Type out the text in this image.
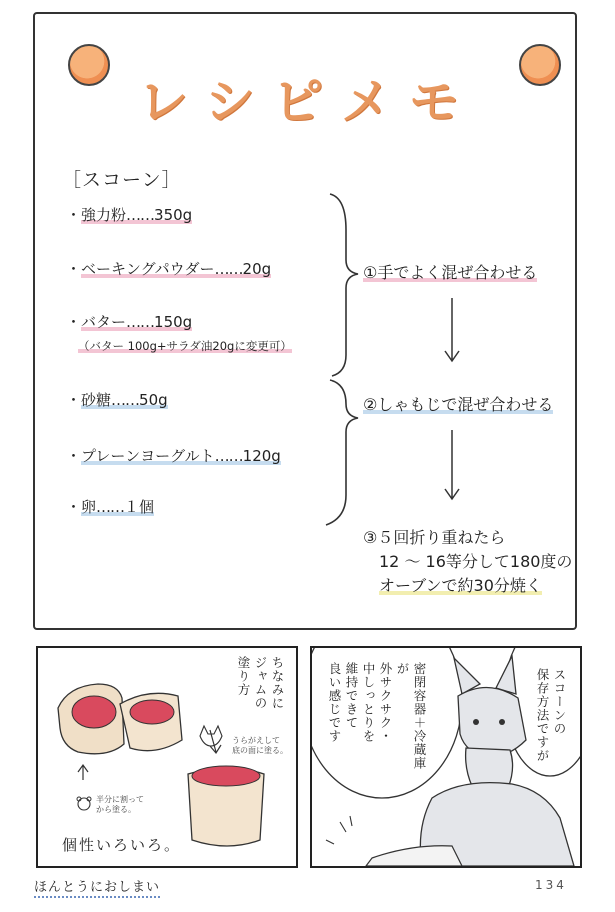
レシピメモ
［スコーン］
・強力粉……350g
・ベーキングパウダー……20g
・バター……150g
（バター 100g+サラダ油20gに変更可）
・砂糖……50g
・プレーンヨーグルト……120g
・卵……１個
①手でよく混ぜ合わせる
②しゃもじで混ぜ合わせる
③５回折り重ねたら
12 ～ 16等分して180度の
オーブンで約30分焼く
ちなみに
ジャムの
塗り方
うらがえして
底の面に塗る。
半分に割って
から塗る。
個性いろいろ。
密閉容器＋冷蔵庫が
外サクサク・
中しっとりを
維持できて
良い感じです	スコーンの
保存方法ですが
ほんとうにおしまい	134
